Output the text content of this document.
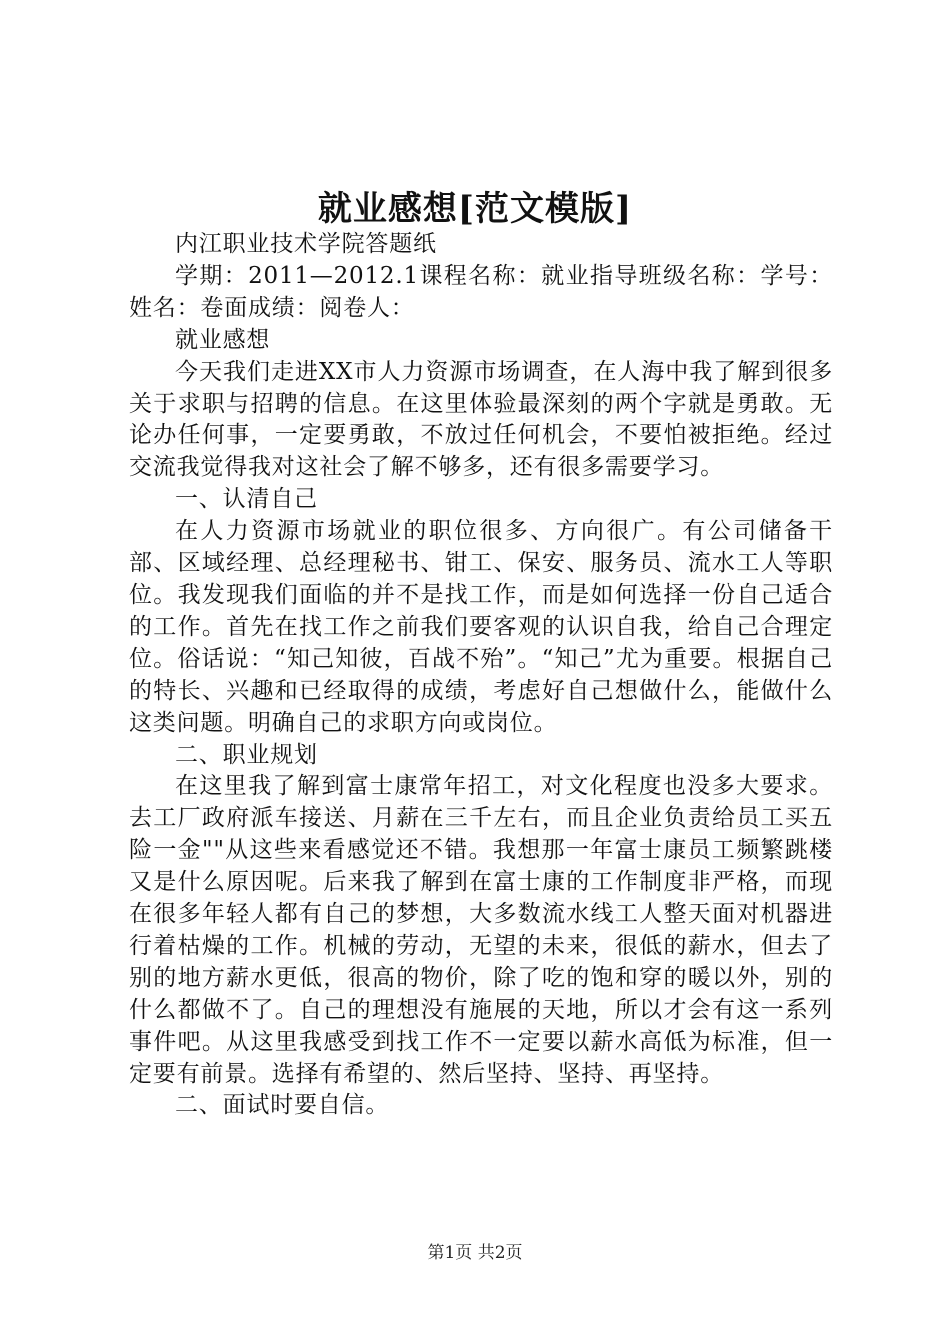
就业感想[范文模版]

内江职业技术学院答题纸

学期：2011—2012.1课程名称：就业指导班级名称：学号：姓名：卷面成绩：阅卷人：

就业感想

今天我们走进XX市人力资源市场调查，在人海中我了解到很多关于求职与招聘的信息。在这里体验最深刻的两个字就是勇敢。无论办任何事，一定要勇敢，不放过任何机会，不要怕被拒绝。经过交流我觉得我对这社会了解不够多，还有很多需要学习。

一、认清自己

在人力资源市场就业的职位很多、方向很广。有公司储备干部、区域经理、总经理秘书、钳工、保安、服务员、流水工人等职位。我发现我们面临的并不是找工作，而是如何选择一份自己适合的工作。首先在找工作之前我们要客观的认识自我，给自己合理定位。俗话说：“知己知彼，百战不殆”。“知己”尤为重要。根据自己的特长、兴趣和已经取得的成绩，考虑好自己想做什么，能做什么这类问题。明确自己的求职方向或岗位。

二、职业规划

在这里我了解到富士康常年招工，对文化程度也没多大要求。去工厂政府派车接送、月薪在三千左右，而且企业负责给员工买五险一金""从这些来看感觉还不错。我想那一年富士康员工频繁跳楼又是什么原因呢。后来我了解到在富士康的工作制度非严格，而现在很多年轻人都有自己的梦想，大多数流水线工人整天面对机器进行着枯燥的工作。机械的劳动，无望的未来，很低的薪水，但去了别的地方薪水更低，很高的物价，除了吃的饱和穿的暖以外，别的什么都做不了。自己的理想没有施展的天地，所以才会有这一系列事件吧。从这里我感受到找工作不一定要以薪水高低为标准，但一定要有前景。选择有希望的、然后坚持、坚持、再坚持。

二、面试时要自信。

第1页 共2页
